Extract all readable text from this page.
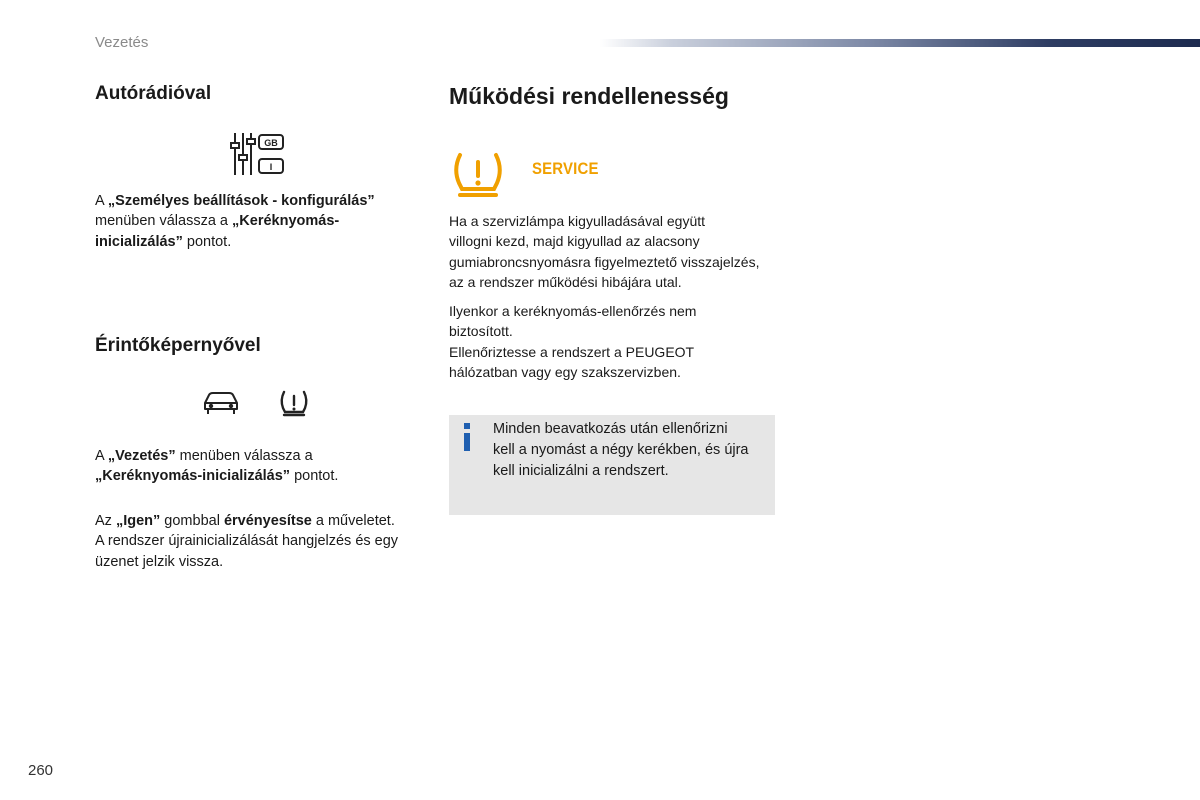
Vezetés
Autórádióval
GB
I
A „Személyes beállítások - konfigurálás”
menüben válassza a „Keréknyomás-
inicializálás” pontot.
Érintőképernyővel
A „Vezetés” menüben válassza a
„Keréknyomás-inicializálás” pontot.
Az „Igen” gombbal érvényesítse a műveletet.
A rendszer újrainicializálását hangjelzés és egy
üzenet jelzik vissza.
Működési rendellenesség
SERVICE
Ha a szervizlámpa kigyulladásával együtt
villogni kezd, majd kigyullad az alacsony
gumiabroncsnyomásra figyelmeztető visszajelzés,
az a rendszer működési hibájára utal.
Ilyenkor a keréknyomás-ellenőrzés nem
biztosított.
Ellenőriztesse a rendszert a PEUGEOT
hálózatban vagy egy szakszervizben.
Minden beavatkozás után ellenőrizni
kell a nyomást a négy kerékben, és újra
kell inicializálni a rendszert.
260
